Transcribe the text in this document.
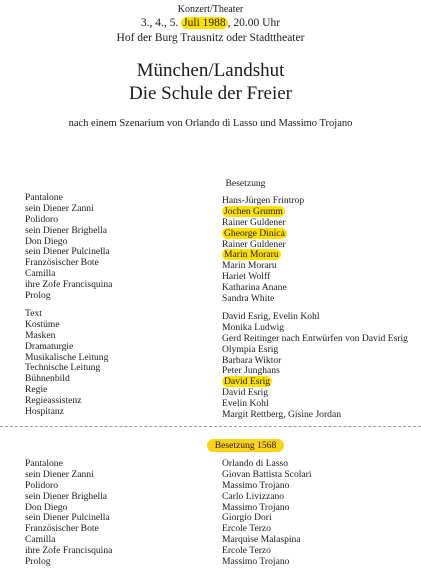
Konzert/Theater
3., 4., 5. Juli 1988 , 20.00 Uhr
Hof der Burg Trausnitz oder Stadttheater
München/Landshut
Die Schule der Freier
nach einem Szenarium von Orlando di Lasso und Massimo Trojano
Besetzung
Pantalone
sein Diener Zanni
Polidoro
sein Diener Brighella
Don Diego
sein Diener Pulcinella
Französischer Bote
Camilla
ihre Zofe Francisquina
Prolog
Hans-Jürgen Frintrop
Jochen Grumm
Rainer Guldener
Gheorge Dinica
Rainer Guldener
Marin Moraru
Marin Moraru
Hariet Wolff
Katharina Anane
Sandra White
Text
Kostüme
Masken
Dramaturgie
Musikalische Leitung
Technische Leitung
Bühnenbild
Regie
Regieassistenz
Hospitanz
David Esrig, Evelin Kohl
Monika Ludwig
Gerd Reitinger nach Entwürfen von David Esrig
Olympia Esrig
Barbara Wiktor
Peter Junghans
David Esrig
David Esrig
Evelin Kohl
Margit Rettberg, Gisine Jordan
Besetzung 1568
Pantalone
sein Diener Zanni
Polidoro
sein Diener Brighella
Don Diego
sein Diener Pulcinella
Französischer Bote
Camilla
ihre Zofe Francisquina
Prolog
Orlando di Lasso
Giovan Battista Scolari
Massimo Trojano
Carlo Livizzano
Massimo Trojano
Giorgio Dori
Ercole Terzo
Marquise Malaspina
Ercole Terzo
Massimo Trojano
